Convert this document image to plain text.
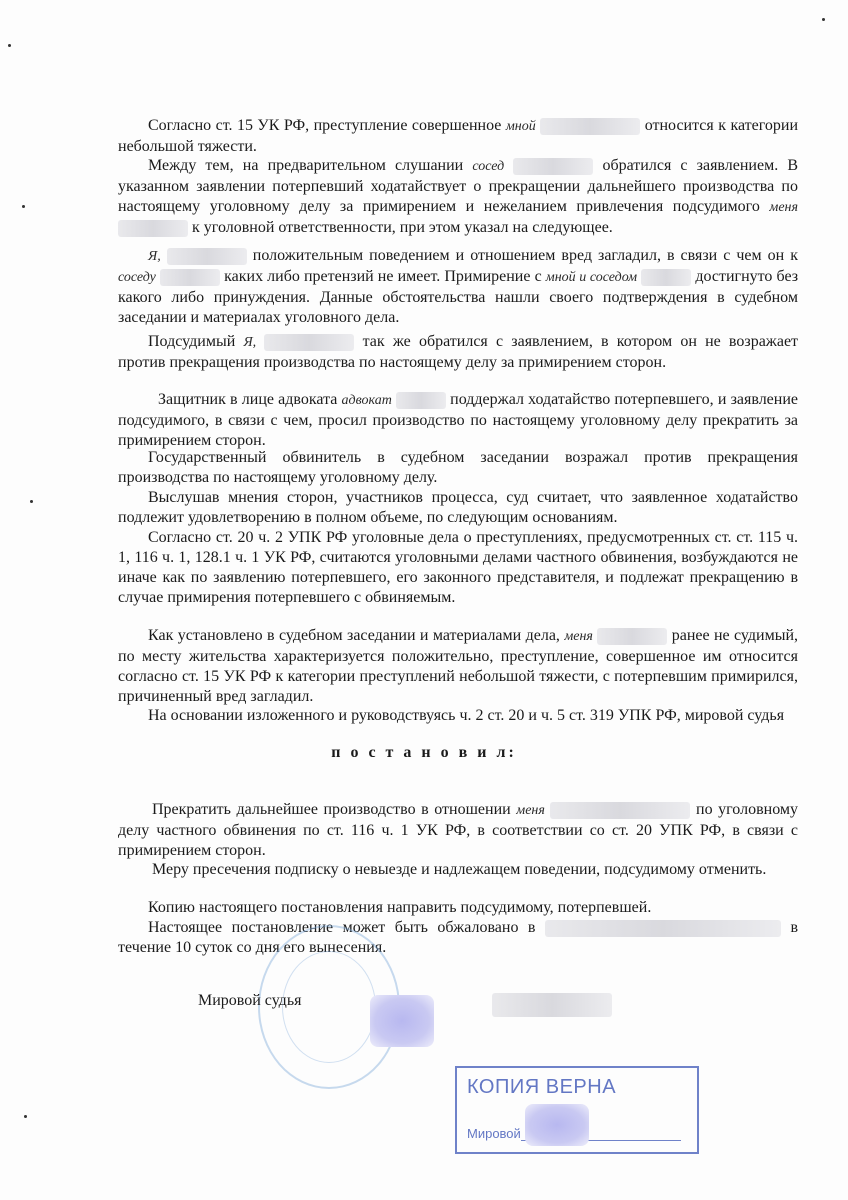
Согласно ст. 15 УК РФ, преступление совершенное мной	относится к категории небольшой тяжести.
Между тем, на предварительном слушании сосед	обратился с заявлением. В указанном заявлении потерпевший ходатайствует о прекращении дальнейшего производства по настоящему уголовному делу за примирением и нежеланием привлечения подсудимого меня  к уголовной ответственности, при этом указал на следующее.
Я,	положительным поведением и отношением вред загладил, в связи с чем он к соседу	каких либо претензий не имеет. Примирение с мной и соседом	достигнуто без какого либо принуждения. Данные обстоятельства нашли своего подтверждения в судебном заседании и материалах уголовного дела.
Подсудимый Я,	так же обратился с заявлением, в котором он не возражает против прекращения производства по настоящему делу за примирением сторон.
Защитник в лице адвоката адвокат	поддержал ходатайство потерпевшего, и заявление подсудимого, в связи с чем, просил производство по настоящему уголовному делу прекратить за примирением сторон.
Государственный обвинитель в судебном заседании возражал против прекращения производства по настоящему уголовному делу.
Выслушав мнения сторон, участников процесса, суд считает, что заявленное ходатайство подлежит удовлетворению в полном объеме, по следующим основаниям.
Согласно ст. 20 ч. 2 УПК РФ уголовные дела о преступлениях, предусмотренных ст. ст. 115 ч. 1, 116 ч. 1, 128.1 ч. 1 УК РФ, считаются уголовными делами частного обвинения, возбуждаются не иначе как по заявлению потерпевшего, его законного представителя, и подлежат прекращению в случае примирения потерпевшего с обвиняемым.
Как установлено в судебном заседании и материалами дела, меня	ранее не судимый, по месту жительства характеризуется положительно, преступление, совершенное им относится согласно ст. 15 УК РФ к категории преступлений небольшой тяжести, с потерпевшим примирился, причиненный вред загладил.
На основании изложенного и руководствуясь ч. 2 ст. 20 и ч. 5 ст. 319 УПК РФ, мировой судья
п о с т а н о в и л:
Прекратить дальнейшее производство в отношении меня	по уголовному делу частного обвинения по ст. 116 ч. 1 УК РФ, в соответствии со ст. 20 УПК РФ, в связи с примирением сторон.
Меру пресечения подписку о невыезде и надлежащем поведении, подсудимому отменить.
Копию настоящего постановления направить подсудимому, потерпевшей.
Настоящее постановление может быть обжаловано в	в течение 10 суток со дня его вынесения.
Мировой судья
КОПИЯ ВЕРНА
Мировой
